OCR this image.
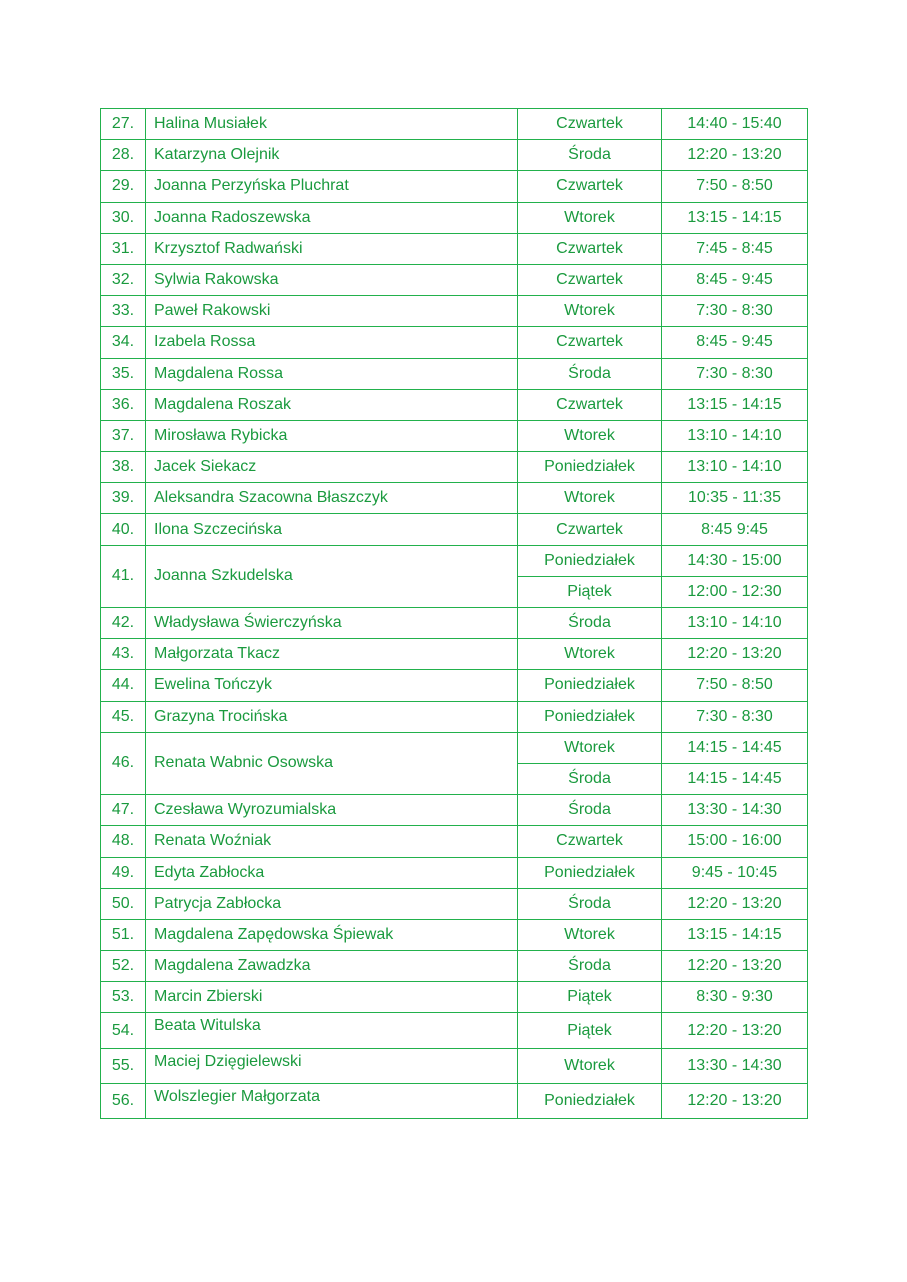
27.	Halina Musiałek	Czwartek	14:40 - 15:40
28.	Katarzyna Olejnik	Środa	12:20 - 13:20
29.	Joanna Perzyńska Pluchrat	Czwartek	7:50 - 8:50
30.	Joanna Radoszewska	Wtorek	13:15 - 14:15
31.	Krzysztof Radwański	Czwartek	7:45 - 8:45
32.	Sylwia Rakowska	Czwartek	8:45 - 9:45
33.	Paweł Rakowski	Wtorek	7:30 - 8:30
34.	Izabela Rossa	Czwartek	8:45 - 9:45
35.	Magdalena Rossa	Środa	7:30 - 8:30
36.	Magdalena Roszak	Czwartek	13:15 - 14:15
37.	Mirosława Rybicka	Wtorek	13:10 - 14:10
38.	Jacek Siekacz	Poniedziałek	13:10 - 14:10
39.	Aleksandra Szacowna Błaszczyk	Wtorek	10:35 - 11:35
40.	Ilona Szczecińska	Czwartek	8:45 9:45
41.	Joanna Szkudelska	Poniedziałek	14:30 - 15:00
		Piątek	12:00 - 12:30
42.	Władysława Świerczyńska	Środa	13:10 - 14:10
43.	Małgorzata Tkacz	Wtorek	12:20 - 13:20
44.	Ewelina Tończyk	Poniedziałek	7:50 - 8:50
45.	Grazyna Trocińska	Poniedziałek	7:30 - 8:30
46.	Renata Wabnic Osowska	Wtorek	14:15 - 14:45
		Środa	14:15 - 14:45
47.	Czesława Wyrozumialska	Środa	13:30 - 14:30
48.	Renata Woźniak	Czwartek	15:00 - 16:00
49.	Edyta Zabłocka	Poniedziałek	9:45 - 10:45
50.	Patrycja Zabłocka	Środa	12:20 - 13:20
51.	Magdalena Zapędowska Śpiewak	Wtorek	13:15 - 14:15
52.	Magdalena Zawadzka	Środa	12:20 - 13:20
53.	Marcin Zbierski	Piątek	8:30 - 9:30
54.	Beata Witulska	Piątek	12:20 - 13:20
55.	Maciej Dzięgielewski	Wtorek	13:30 - 14:30
56.	Wolszlegier Małgorzata	Poniedziałek	12:20 - 13:20
